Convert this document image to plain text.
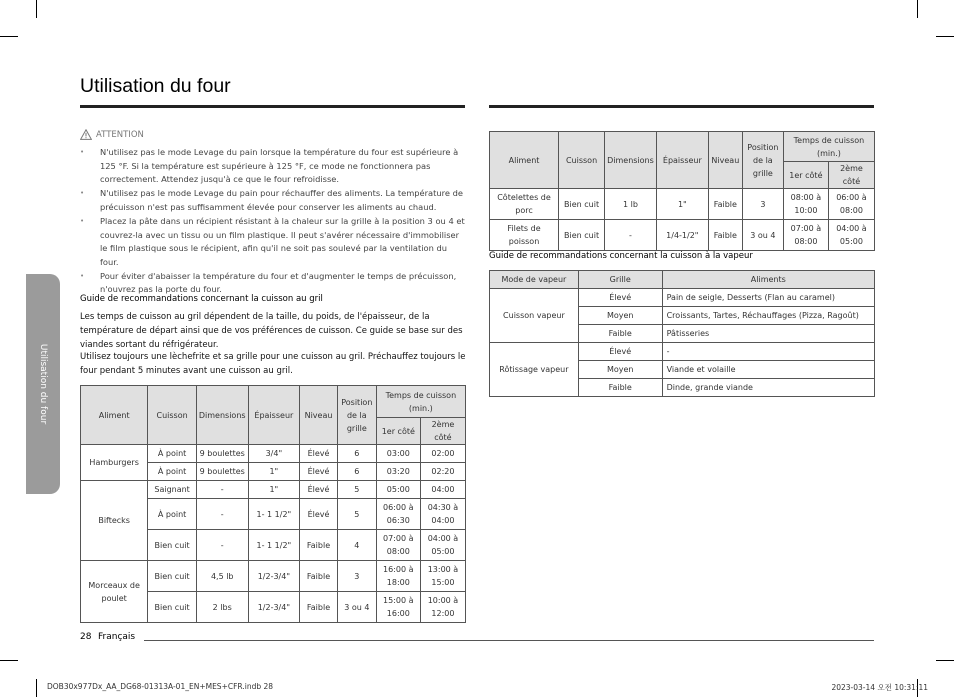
Utilisation du four
Utilisation du four
ATTENTION
• N'utilisez pas le mode Levage du pain lorsque la température du four est supérieure à 125 °F. Si la température est supérieure à 125 °F, ce mode ne fonctionnera pas correctement. Attendez jusqu'à ce que le four refroidisse.
• N'utilisez pas le mode Levage du pain pour réchauffer des aliments. La température de précuisson n'est pas suffisamment élevée pour conserver les aliments au chaud.
• Placez la pâte dans un récipient résistant à la chaleur sur la grille à la position 3 ou 4 et couvrez-la avec un tissu ou un film plastique. Il peut s'avérer nécessaire d'immobiliser le film plastique sous le récipient, afin qu'il ne soit pas soulevé par la ventilation du four.
• Pour éviter d'abaisser la température du four et d'augmenter le temps de précuisson, n'ouvrez pas la porte du four.
Guide de recommandations concernant la cuisson au gril
Les temps de cuisson au gril dépendent de la taille, du poids, de l'épaisseur, de la température de départ ainsi que de vos préférences de cuisson. Ce guide se base sur des viandes sortant du réfrigérateur.
Utilisez toujours une lèchefrite et sa grille pour une cuisson au gril. Préchauffez toujours le four pendant 5 minutes avant une cuisson au gril.
Aliment	Cuisson	Dimensions	Épaisseur	Niveau	Position de la grille	Temps de cuisson (min.)	
						1er côté	2ème côté
Hamburgers	À point	9 boulettes	3/4"	Élevé	6	03:00	02:00
	À point	9 boulettes	1"	Élevé	6	03:20	02:20
Biftecks	Saignant	-	1"	Élevé	5	05:00	04:00
	À point	-	1- 1 1/2"	Élevé	5	06:00 à 06:30	04:30 à 04:00
	Bien cuit	-	1- 1 1/2"	Faible	4	07:00 à 08:00	04:00 à 05:00
Morceaux de poulet	Bien cuit	4,5 lb	1/2-3/4"	Faible	3	16:00 à 18:00	13:00 à 15:00
	Bien cuit	2 lbs	1/2-3/4"	Faible	3 ou 4	15:00 à 16:00	10:00 à 12:00
Aliment	Cuisson	Dimensions	Épaisseur	Niveau	Position de la grille	Temps de cuisson (min.)	
						1er côté	2ème côté
Côtelettes de porc	Bien cuit	1 lb	1"	Faible	3	08:00 à 10:00	06:00 à 08:00
Filets de poisson	Bien cuit	-	1/4-1/2"	Faible	3 ou 4	07:00 à 08:00	04:00 à 05:00
Guide de recommandations concernant la cuisson à la vapeur
Mode de vapeur	Grille	Aliments
Cuisson vapeur	Élevé	Pain de seigle, Desserts (Flan au caramel)
	Moyen	Croissants, Tartes, Réchauffages (Pizza, Ragoût)
	Faible	Pâtisseries
Rôtissage vapeur	Élevé	-
	Moyen	Viande et volaille
	Faible	Dinde, grande viande
28 Français
DOB30x977Dx_AA_DG68-01313A-01_EN+MES+CFR.indb 28	2023-03-14 오전 10:31:11
